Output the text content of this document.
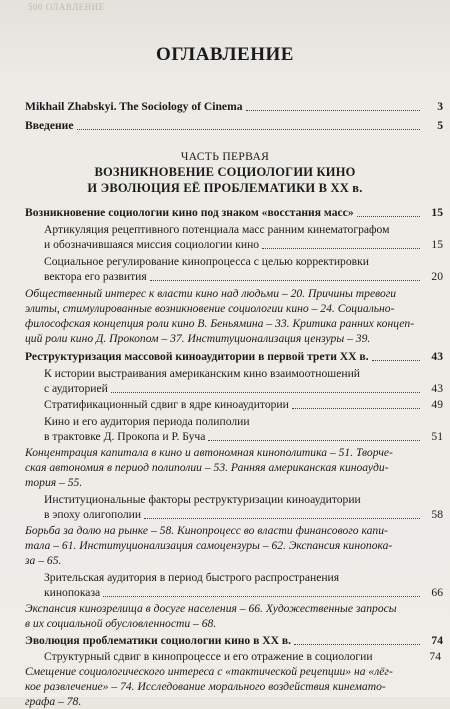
500 ОЛАВЛЕНИЕ
ОГЛАВЛЕНИЕ
Mikhail Zhabskyi. The Sociology of Cinema	3
Введение	5
ЧАСТЬ ПЕРВАЯ
ВОЗНИКНОВЕНИЕ СОЦИОЛОГИИ КИНО
И ЭВОЛЮЦИЯ ЕЁ ПРОБЛЕМАТИКИ В XX в.
Возникновение социологии кино под знаком «восстания масс»	15
Артикуляция рецептивного потенциала масс ранним кинематографом
и обозначившаяся миссия социологии кино	15
Социальное регулирование кинопроцесса с целью корректировки
вектора его развития	20
Общественный интерес к власти кино над людьми – 20. Причины тревоги
элиты, стимулированные возникновение социологии кино – 24. Социально-
философская концепция роли кино В. Беньямина – 33. Критика ранних концеп-
ций роли кино Д. Прокопом – 37. Институционализация цензуры – 39.
Реструктуризация массовой киноаудитории в первой трети XX в.	43
К истории выстраивания американским кино взаимоотношений
с аудиторией	43
Стратификационный сдвиг в ядре киноаудитории	49
Кино и его аудитория периода полиполии
в трактовке Д. Прокопа и Р. Буча	51
Концентрация капитала в кино и автономная кинополитика – 51. Творче-
ская автономия в период полиполии – 53. Ранняя американская киноауди-
тория – 55.
Институциональные факторы реструктуризации киноаудитории
в эпоху олигополии	58
Борьба за долю на рынке – 58. Кинопроцесс во власти финансового капи-
тала – 61. Институционализация самоцензуры – 62. Экспансия кинопока-
за – 65.
Зрительская аудитория в период быстрого распространения
кинопоказа	66
Экспансия кинозрелища в досуге населения – 66. Художественные запросы
в их социальной обусловленности – 68.
Эволюция проблематики социологии кино в XX в.	74
Структурный сдвиг в кинопроцессе и его отражение в социологии	74
Смещение социологического интереса с «тактической рецепции» на «лёг-
кое развлечение» – 74. Исследование морального воздействия кинемато-
графа – 78.
